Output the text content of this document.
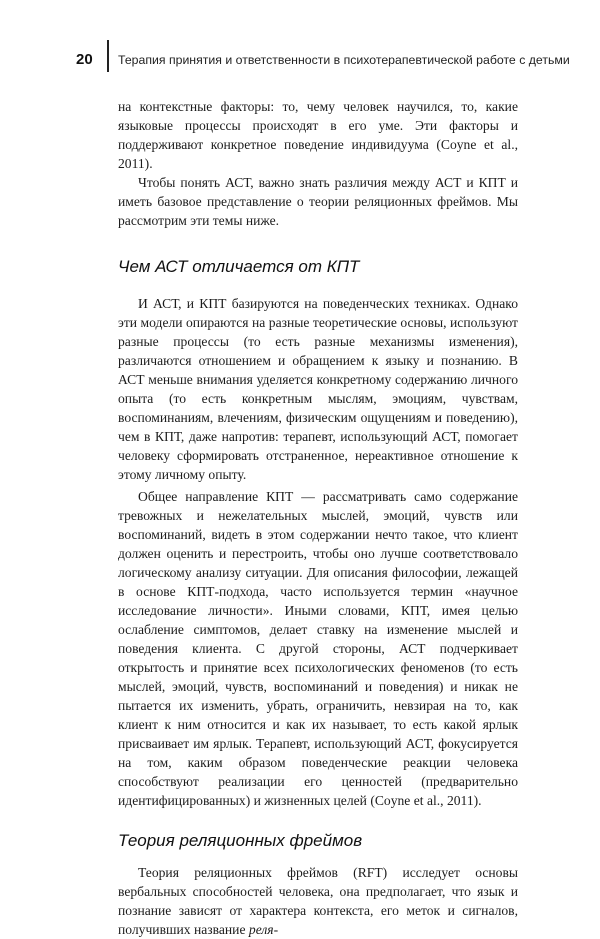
20 Терапия принятия и ответственности в психотерапевтической работе с детьми

на контекстные факторы: то, чему человек научился, то, какие языковые процессы происходят в его уме. Эти факторы и поддерживают конкретное поведение индивидуума (Coyne et al., 2011).

Чтобы понять АСТ, важно знать различия между АСТ и КПТ и иметь базовое представление о теории реляционных фреймов. Мы рассмотрим эти темы ниже.

Чем АСТ отличается от КПТ

И АСТ, и КПТ базируются на поведенческих техниках. Однако эти модели опираются на разные теоретические основы, используют разные процессы (то есть разные механизмы изменения), различаются отношением и обращением к языку и познанию. В АСТ меньше внимания уделяется конкретному содержанию личного опыта (то есть конкретным мыслям, эмоциям, чувствам, воспоминаниям, влечениям, физическим ощущениям и поведению), чем в КПТ, даже напротив: терапевт, использующий АСТ, помогает человеку сформировать отстраненное, нереактивное отношение к этому личному опыту.

Общее направление КПТ — рассматривать само содержание тревожных и нежелательных мыслей, эмоций, чувств или воспоминаний, видеть в этом содержании нечто такое, что клиент должен оценить и перестроить, чтобы оно лучше соответствовало логическому анализу ситуации. Для описания философии, лежащей в основе КПТ-подхода, часто используется термин «научное исследование личности». Иными словами, КПТ, имея целью ослабление симптомов, делает ставку на изменение мыслей и поведения клиента. С другой стороны, АСТ подчеркивает открытость и принятие всех психологических феноменов (то есть мыслей, эмоций, чувств, воспоминаний и поведения) и никак не пытается их изменить, убрать, ограничить, невзирая на то, как клиент к ним относится и как их называет, то есть какой ярлык присваивает им ярлык. Терапевт, использующий АСТ, фокусируется на том, каким образом поведенческие реакции человека способствуют реализации его ценностей (предварительно идентифицированных) и жизненных целей (Coyne et al., 2011).

Теория реляционных фреймов

Теория реляционных фреймов (RFT) исследует основы вербальных способностей человека, она предполагает, что язык и познание зависят от характера контекста, его меток и сигналов, получивших название реля-
